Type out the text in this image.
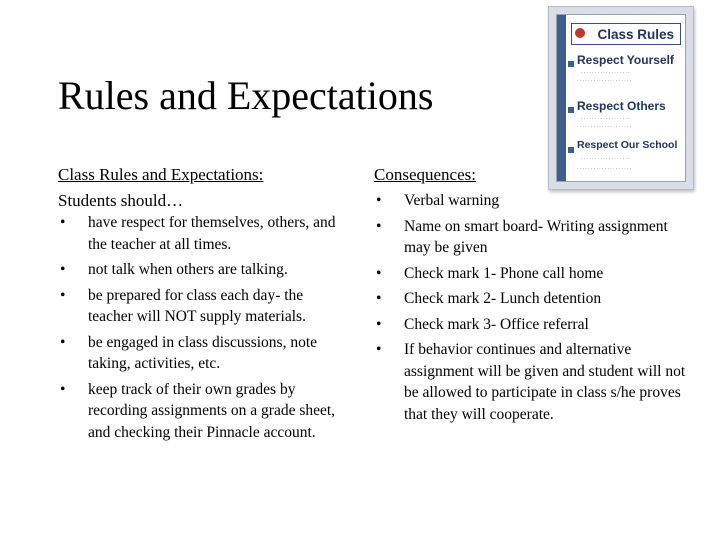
Rules and Expectations
Class Rules and Expectations:
Students should…
• have respect for themselves, others, and the teacher at all times.
• not talk when others are talking.
• be prepared for class each day- the teacher will NOT supply materials.
• be engaged in class discussions, note taking, activities, etc.
• keep track of their own grades by recording assignments on a grade sheet, and checking their Pinnacle account.
Consequences:
• Verbal warning
• Name on smart board- Writing assignment may be given
• Check mark 1- Phone call home
• Check mark 2- Lunch detention
• Check mark 3- Office referral
• If behavior continues and alternative assignment will be given and student will not be allowed to participate in class s/he proves that they will cooperate.
Class Rules
Respect Yourself
. . . . . . . . . . . . . . . . . .
. . . . . . . . . . . . . . . . . . . .
Respect Others
. . . . . . . . . . . . . . . . . .
. . . . . . . . . . . . . . . . . . . .
Respect Our School
. . . . . . . . . . . . . . . . . .
. . . . . . . . . . . . . . . . . . . .
